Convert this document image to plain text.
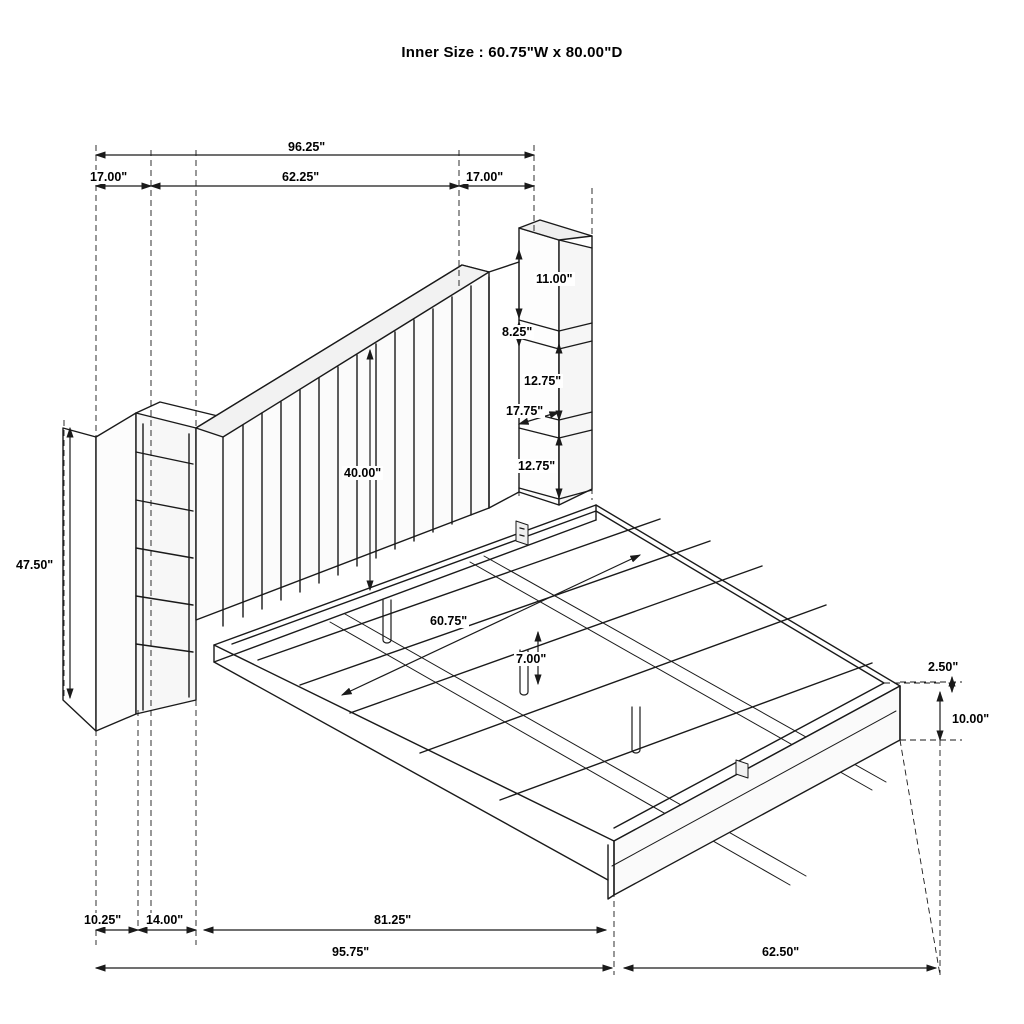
Inner Size : 60.75"W x 80.00"D
96.25"
17.00"	62.25"	17.00"
11.00"
8.25"
12.75"
17.75"
12.75"
40.00"
47.50"
60.75"
7.00"
2.50"
10.00"
10.25" 14.00"	81.25"
95.75"	62.50"
